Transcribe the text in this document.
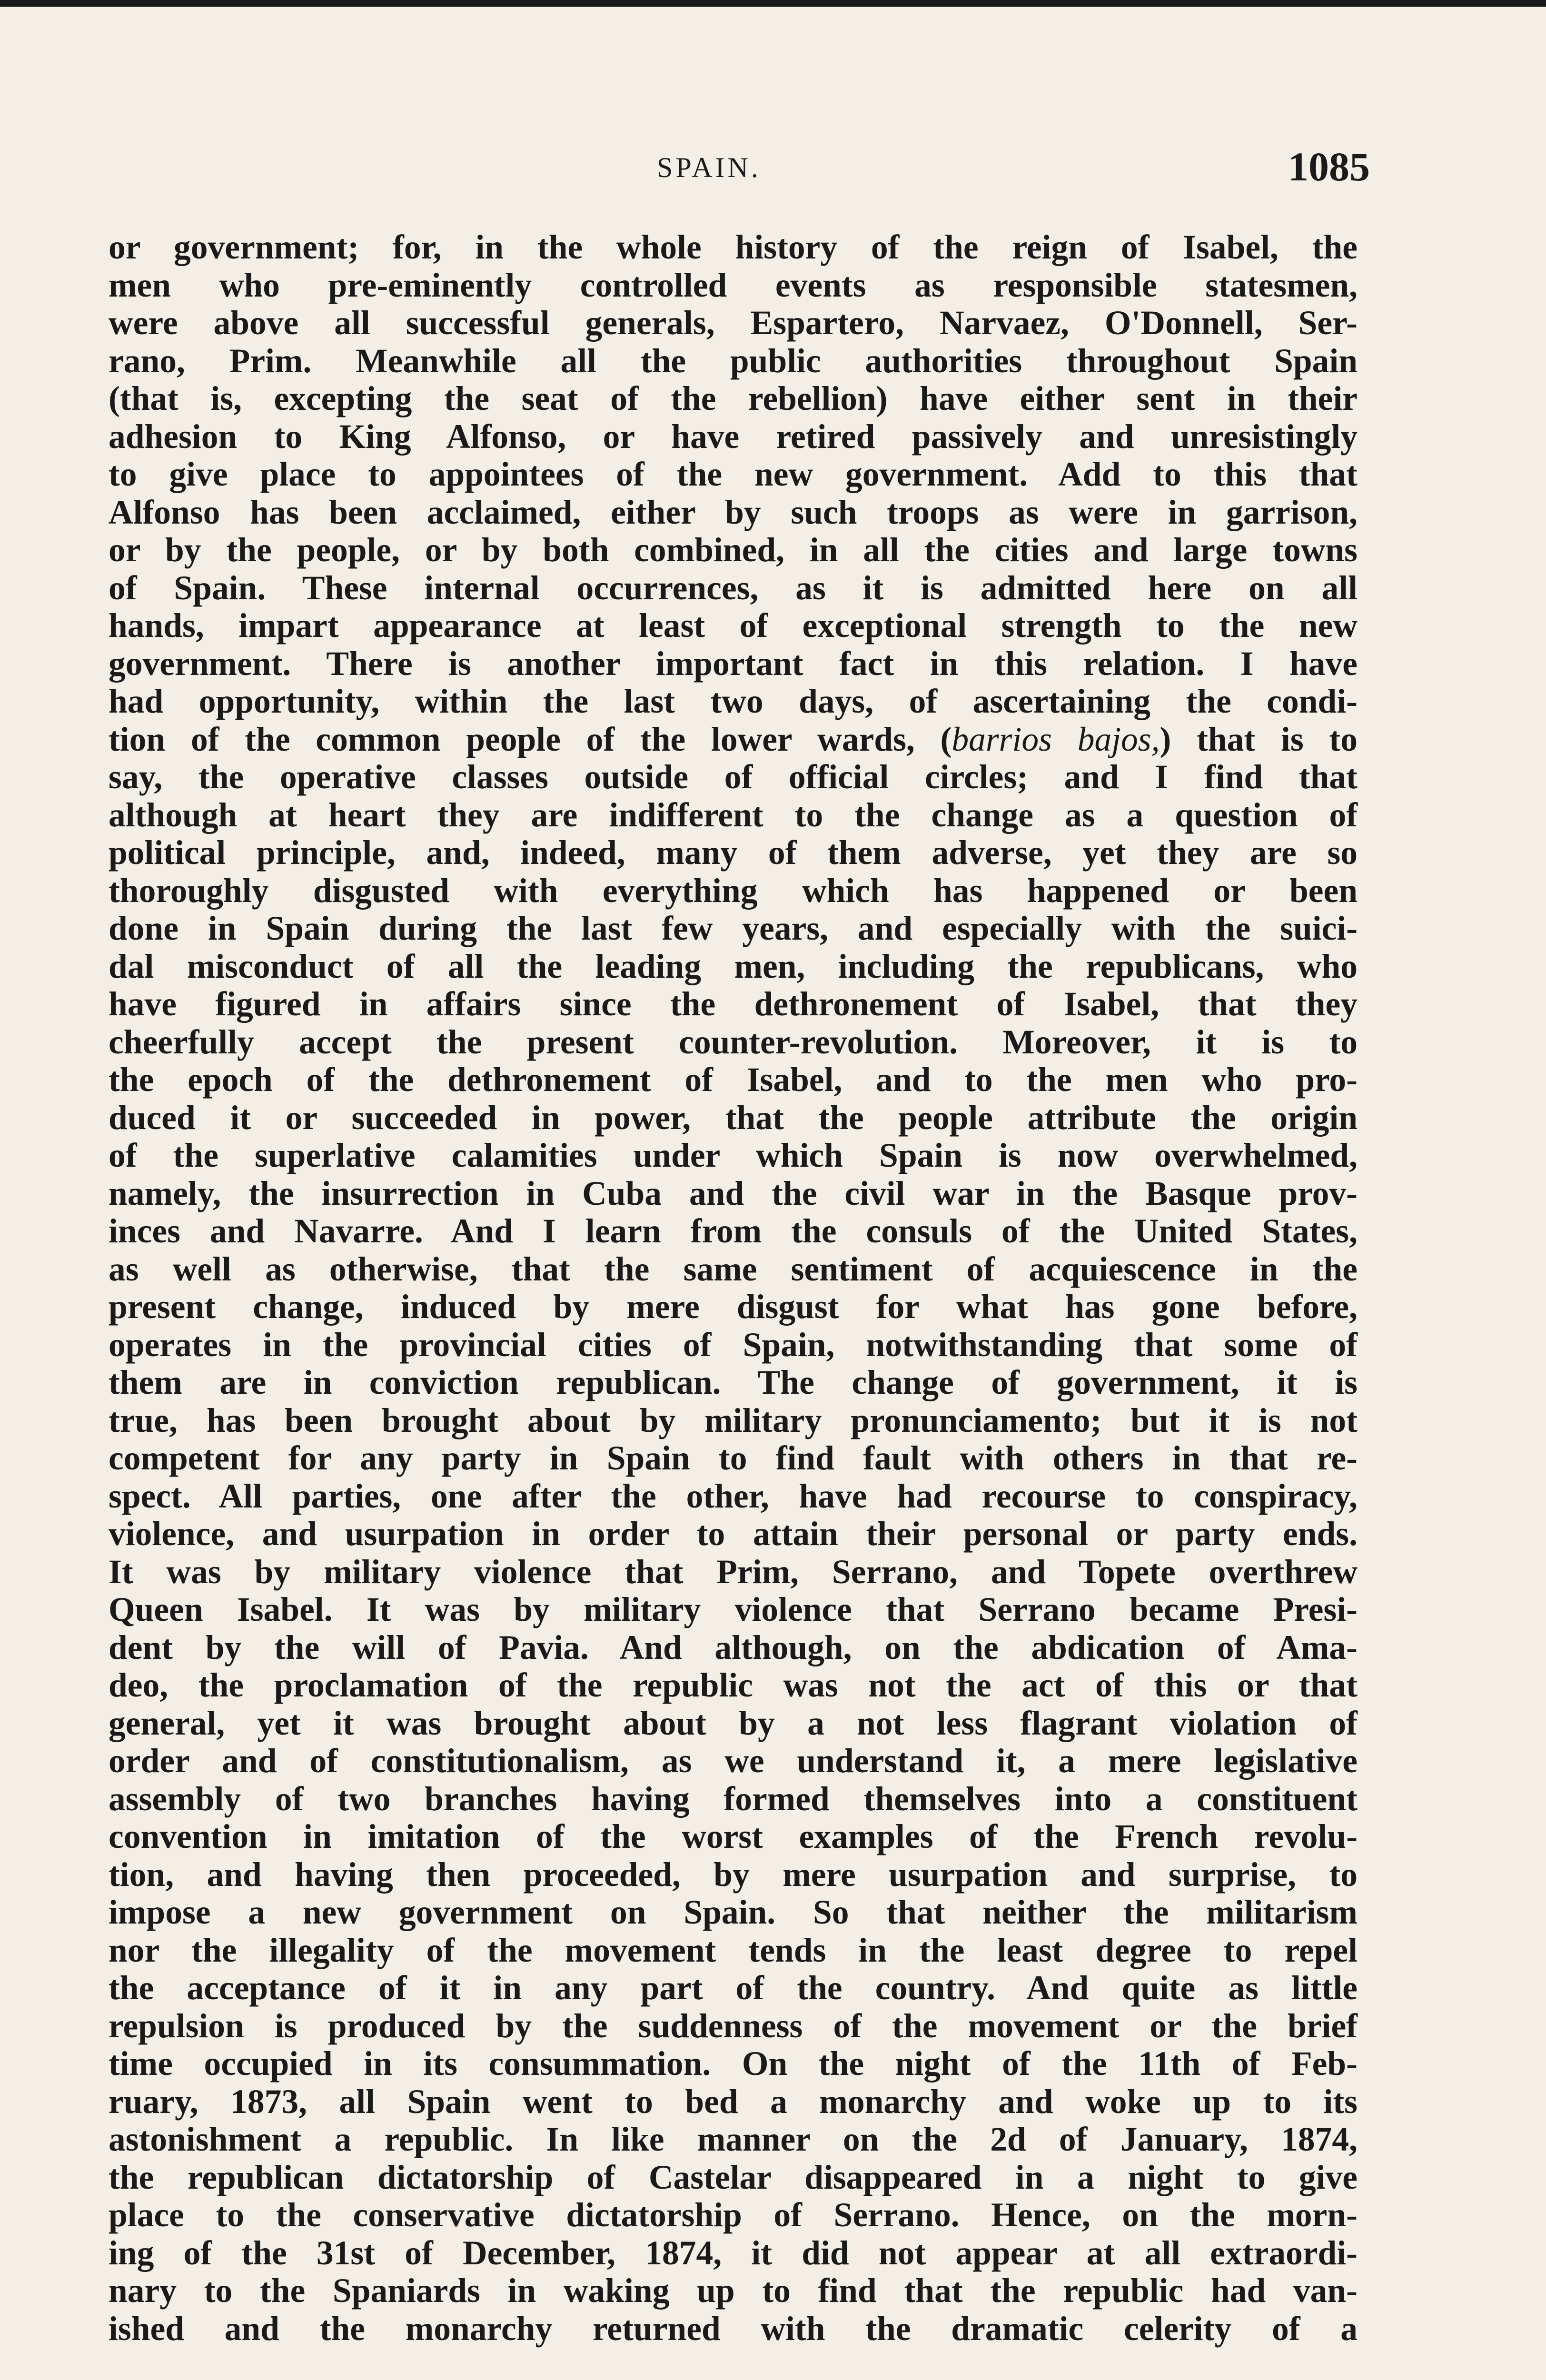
SPAIN.	1085
or government; for, in the whole history of the reign of Isabel, the
men who pre-eminently controlled events as responsible statesmen,
were above all successful generals, Espartero, Narvaez, O'Donnell, Ser-
rano, Prim. Meanwhile all the public authorities throughout Spain
(that is, excepting the seat of the rebellion) have either sent in their
adhesion to King Alfonso, or have retired passively and unresistingly
to give place to appointees of the new government. Add to this that
Alfonso has been acclaimed, either by such troops as were in garrison,
or by the people, or by both combined, in all the cities and large towns
of Spain. These internal occurrences, as it is admitted here on all
hands, impart appearance at least of exceptional strength to the new
government. There is another important fact in this relation. I have
had opportunity, within the last two days, of ascertaining the condi-
tion of the common people of the lower wards, (barrios bajos,) that is to
say, the operative classes outside of official circles; and I find that
although at heart they are indifferent to the change as a question of
political principle, and, indeed, many of them adverse, yet they are so
thoroughly disgusted with everything which has happened or been
done in Spain during the last few years, and especially with the suici-
dal misconduct of all the leading men, including the republicans, who
have figured in affairs since the dethronement of Isabel, that they
cheerfully accept the present counter-revolution. Moreover, it is to
the epoch of the dethronement of Isabel, and to the men who pro-
duced it or succeeded in power, that the people attribute the origin
of the superlative calamities under which Spain is now overwhelmed,
namely, the insurrection in Cuba and the civil war in the Basque prov-
inces and Navarre. And I learn from the consuls of the United States,
as well as otherwise, that the same sentiment of acquiescence in the
present change, induced by mere disgust for what has gone before,
operates in the provincial cities of Spain, notwithstanding that some of
them are in conviction republican. The change of government, it is
true, has been brought about by military pronunciamento; but it is not
competent for any party in Spain to find fault with others in that re-
spect. All parties, one after the other, have had recourse to conspiracy,
violence, and usurpation in order to attain their personal or party ends.
It was by military violence that Prim, Serrano, and Topete overthrew
Queen Isabel. It was by military violence that Serrano became Presi-
dent by the will of Pavia. And although, on the abdication of Ama-
deo, the proclamation of the republic was not the act of this or that
general, yet it was brought about by a not less flagrant violation of
order and of constitutionalism, as we understand it, a mere legislative
assembly of two branches having formed themselves into a constituent
convention in imitation of the worst examples of the French revolu-
tion, and having then proceeded, by mere usurpation and surprise, to
impose a new government on Spain. So that neither the militarism
nor the illegality of the movement tends in the least degree to repel
the acceptance of it in any part of the country. And quite as little
repulsion is produced by the suddenness of the movement or the brief
time occupied in its consummation. On the night of the 11th of Feb-
ruary, 1873, all Spain went to bed a monarchy and woke up to its
astonishment a republic. In like manner on the 2d of January, 1874,
the republican dictatorship of Castelar disappeared in a night to give
place to the conservative dictatorship of Serrano. Hence, on the morn-
ing of the 31st of December, 1874, it did not appear at all extraordi-
nary to the Spaniards in waking up to find that the republic had van-
ished and the monarchy returned with the dramatic celerity of a
